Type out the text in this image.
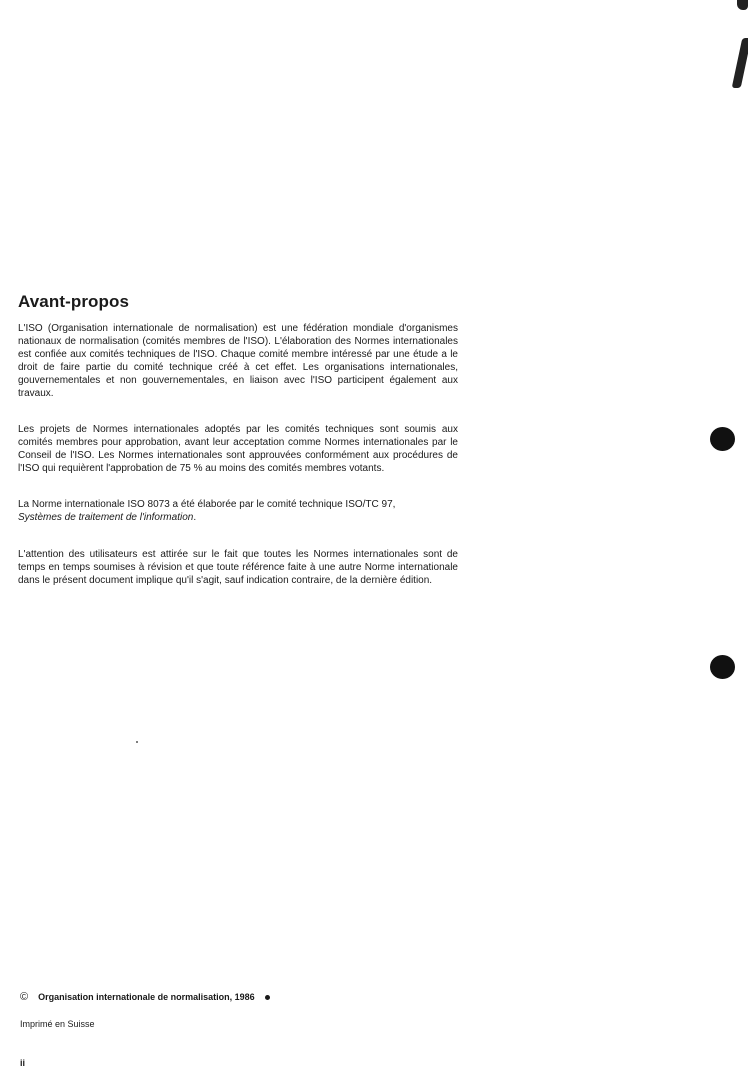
Avant-propos

L'ISO (Organisation internationale de normalisation) est une fédération mondiale d'organismes nationaux de normalisation (comités membres de l'ISO). L'élaboration des Normes internationales est confiée aux comités techniques de l'ISO. Chaque comité membre intéressé par une étude a le droit de faire partie du comité technique créé à cet effet. Les organisations internationales, gouvernementales et non gouvernementales, en liaison avec l'ISO participent également aux travaux.

Les projets de Normes internationales adoptés par les comités techniques sont soumis aux comités membres pour approbation, avant leur acceptation comme Normes internationales par le Conseil de l'ISO. Les Normes internationales sont approuvées conformément aux procédures de l'ISO qui requièrent l'approbation de 75 % au moins des comités membres votants.

La Norme internationale ISO 8073 a été élaborée par le comité technique ISO/TC 97,
Systèmes de traitement de l'information.

L'attention des utilisateurs est attirée sur le fait que toutes les Normes internationales sont de temps en temps soumises à révision et que toute référence faite à une autre Norme internationale dans le présent document implique qu'il s'agit, sauf indication contraire, de la dernière édition.

© Organisation internationale de normalisation, 1986
Imprimé en Suisse
ii
